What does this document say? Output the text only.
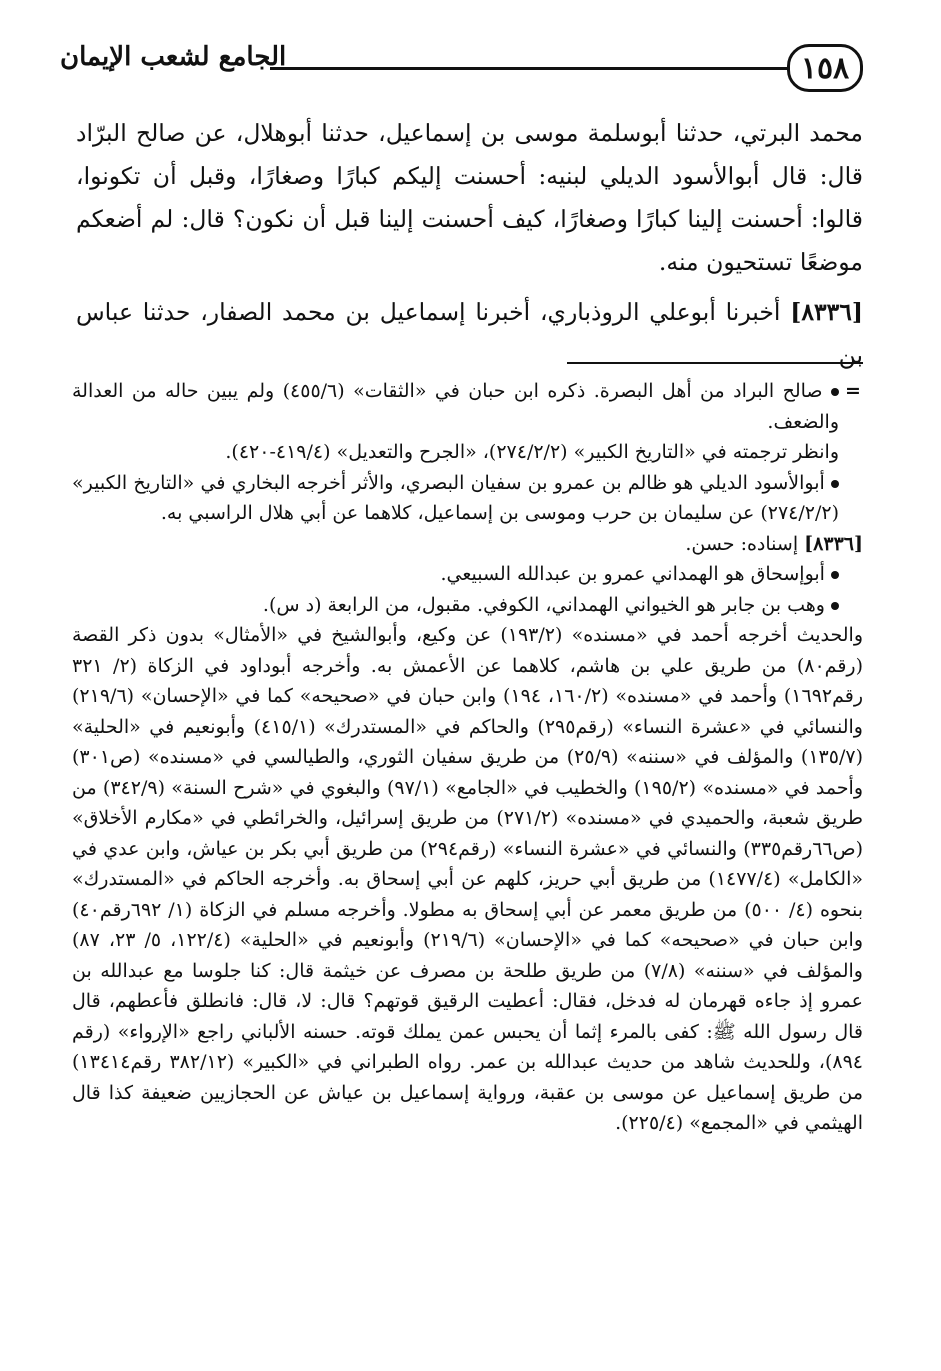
١٥٨
الجامع لشعب الإيمان

محمد البرتي، حدثنا أبوسلمة موسى بن إسماعيل، حدثنا أبوهلال، عن صالح البرّاد قال: قال أبوالأسود الديلي لبنيه: أحسنت إليكم كبارًا وصغارًا، وقبل أن تكونوا، قالوا: أحسنت إلينا كبارًا وصغارًا، كيف أحسنت إلينا قبل أن نكون؟ قال: لم أضعكم موضعًا تستحيون منه.

[٨٣٣٦] أخبرنا أبوعلي الروذباري، أخبرنا إسماعيل بن محمد الصفار، حدثنا عباس بن

=
صالح البراد من أهل البصرة. ذكره ابن حبان في «الثقات» (٤٥٥/٦) ولم يبين حاله من العدالة والضعف.

وانظر ترجمته في «التاريخ الكبير» (٢٧٤/٢/٢)، «الجرح والتعديل» (٤١٩/٤-٤٢٠).

أبوالأسود الديلي هو ظالم بن عمرو بن سفيان البصري، والأثر أخرجه البخاري في «التاريخ الكبير» (٢٧٤/٢/٢) عن سليمان بن حرب وموسى بن إسماعيل، كلاهما عن أبي هلال الراسبي به.

[٨٣٣٦] إسناده: حسن.

أبوإسحاق هو الهمداني عمرو بن عبدالله السبيعي.

وهب بن جابر هو الخيواني الهمداني، الكوفي. مقبول، من الرابعة (د س).

والحديث أخرجه أحمد في «مسنده» (١٩٣/٢) عن وكيع، وأبوالشيخ في «الأمثال» بدون ذكر القصة (رقم٨٠) من طريق علي بن هاشم، كلاهما عن الأعمش به. وأخرجه أبوداود في الزكاة (٢/ ٣٢١ رقم١٦٩٢) وأحمد في «مسنده» (١٦٠/٢، ١٩٤) وابن حبان في «صحيحه» كما في «الإحسان» (٢١٩/٦) والنسائي في «عشرة النساء» (رقم٢٩٥) والحاكم في «المستدرك» (٤١٥/١) وأبونعيم في «الحلية» (١٣٥/٧) والمؤلف في «سننه» (٢٥/٩) من طريق سفيان الثوري، والطيالسي في «مسنده» (ص٣٠١) وأحمد في «مسنده» (١٩٥/٢) والخطيب في «الجامع» (٩٧/١) والبغوي في «شرح السنة» (٣٤٢/٩) من طريق شعبة، والحميدي في «مسنده» (٢٧١/٢) من طريق إسرائيل، والخرائطي في «مكارم الأخلاق» (ص٦٦رقم٣٣٥) والنسائي في «عشرة النساء» (رقم٢٩٤) من طريق أبي بكر بن عياش، وابن عدي في «الكامل» (١٤٧٧/٤) من طريق أبي حريز، كلهم عن أبي إسحاق به. وأخرجه الحاكم في «المستدرك» بنحوه (٤/ ٥٠٠) من طريق معمر عن أبي إسحاق به مطولا. وأخرجه مسلم في الزكاة (١/ ٦٩٢رقم٤٠) وابن حبان في «صحيحه» كما في «الإحسان» (٢١٩/٦) وأبونعيم في «الحلية» (١٢٢/٤، ٥/ ٢٣، ٨٧) والمؤلف في «سننه» (٧/٨) من طريق طلحة بن مصرف عن خيثمة قال: كنا جلوسا مع عبدالله بن عمرو إذ جاءه قهرمان له فدخل، فقال: أعطيت الرقيق قوتهم؟ قال: لا، قال: فانطلق فأعطهم، قال قال رسول الله ﷺ: كفى بالمرء إثما أن يحبس عمن يملك قوته. حسنه الألباني راجع «الإرواء» (رقم ٨٩٤)، وللحديث شاهد من حديث عبدالله بن عمر. رواه الطبراني في «الكبير» (٣٨٢/١٢ رقم١٣٤١٤) من طريق إسماعيل عن موسى بن عقبة، ورواية إسماعيل بن عياش عن الحجازيين ضعيفة كذا قال الهيثمي في «المجمع» (٢٢٥/٤).
